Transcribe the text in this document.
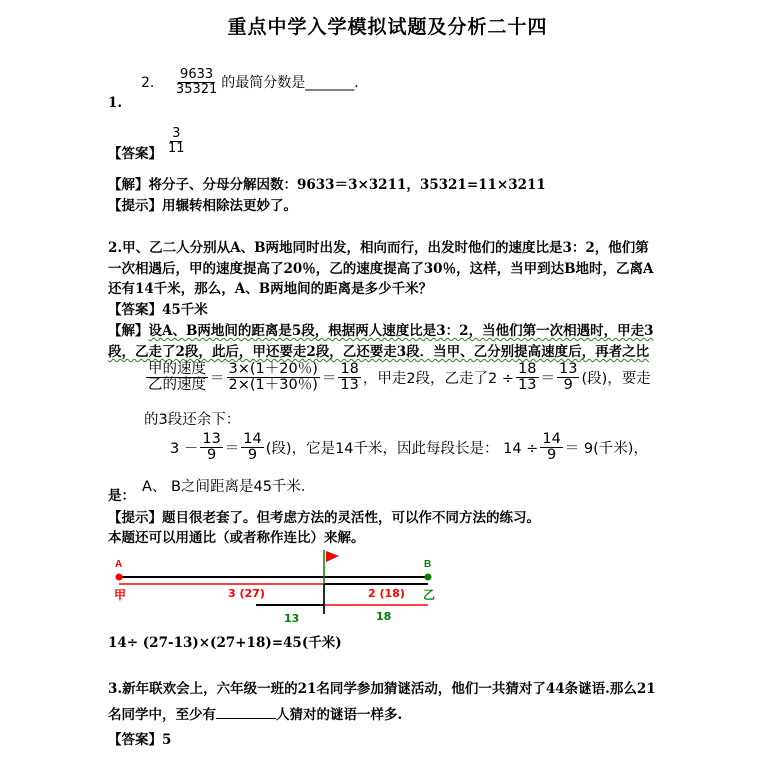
重点中学入学模拟试题及分析二十四
2． $\frac{9633}{35321}$ 的最简分数是_______．
1.
【答案】 $\frac{3}{11}$
【解】将分子、分母分解因数：9633＝3×3211，35321=11×3211
【提示】用辗转相除法更妙了。
2.甲、乙二人分别从A、B两地同时出发，相向而行，出发时他们的速度比是3：2，他们第
一次相遇后，甲的速度提高了20％，乙的速度提高了30％，这样，当甲到达B地时，乙离A
还有14千米，那么，A、B两地间的距离是多少千米？
【答案】45千米
【解】设A、B两地间的距离是5段，根据两人速度比是3：2，当他们第一次相遇时，甲走3
段，乙走了2段，此后，甲还要走2段，乙还要走3段．当甲、乙分别提高速度后，再者之比
$\frac{\text{甲的速度}}{\text{乙的速度}} = \frac{3\times(1+20\%)}{2\times(1+30\%)} = \frac{18}{13}$ ，甲走2段，乙走了$2 \div \frac{18}{13} = \frac{13}{9}$ (段)，要走
的3段还余下：
$3 - \frac{13}{9} = \frac{14}{9}$ (段)，它是14千米，因此每段长是： $14 \div \frac{14}{9} = 9$(千米)，
是：
A、 B之间距离是45千米．
【提示】题目很老套了。但考虑方法的灵活性，可以作不同方法的练习。
本题还可以用通比（或者称作连比）来解。
A	B
甲	乙
3 (27)	2 (18)
13	18
14÷ (27-13)×(27+18)=45(千米)
3.新年联欢会上，六年级一班的21名同学参加猜谜活动，他们一共猜对了44条谜语.那么21
名同学中，至少有	人猜对的谜语一样多.
【答案】5
